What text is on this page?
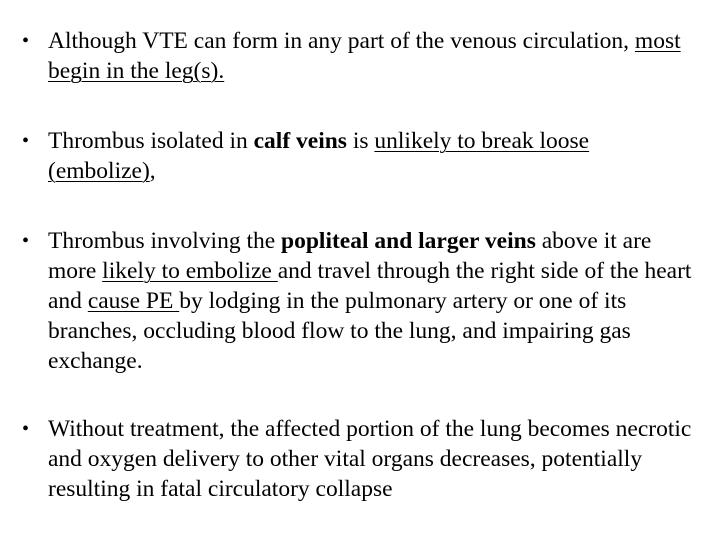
• Although VTE can form in any part of the venous circulation, most begin in the leg(s).
• Thrombus isolated in calf veins is unlikely to break loose (embolize),
• Thrombus involving the popliteal and larger veins above it are more likely to embolize and travel through the right side of the heart and cause PE by lodging in the pulmonary artery or one of its branches, occluding blood flow to the lung, and impairing gas exchange.
• Without treatment, the affected portion of the lung becomes necrotic and oxygen delivery to other vital organs decreases, potentially resulting in fatal circulatory collapse
